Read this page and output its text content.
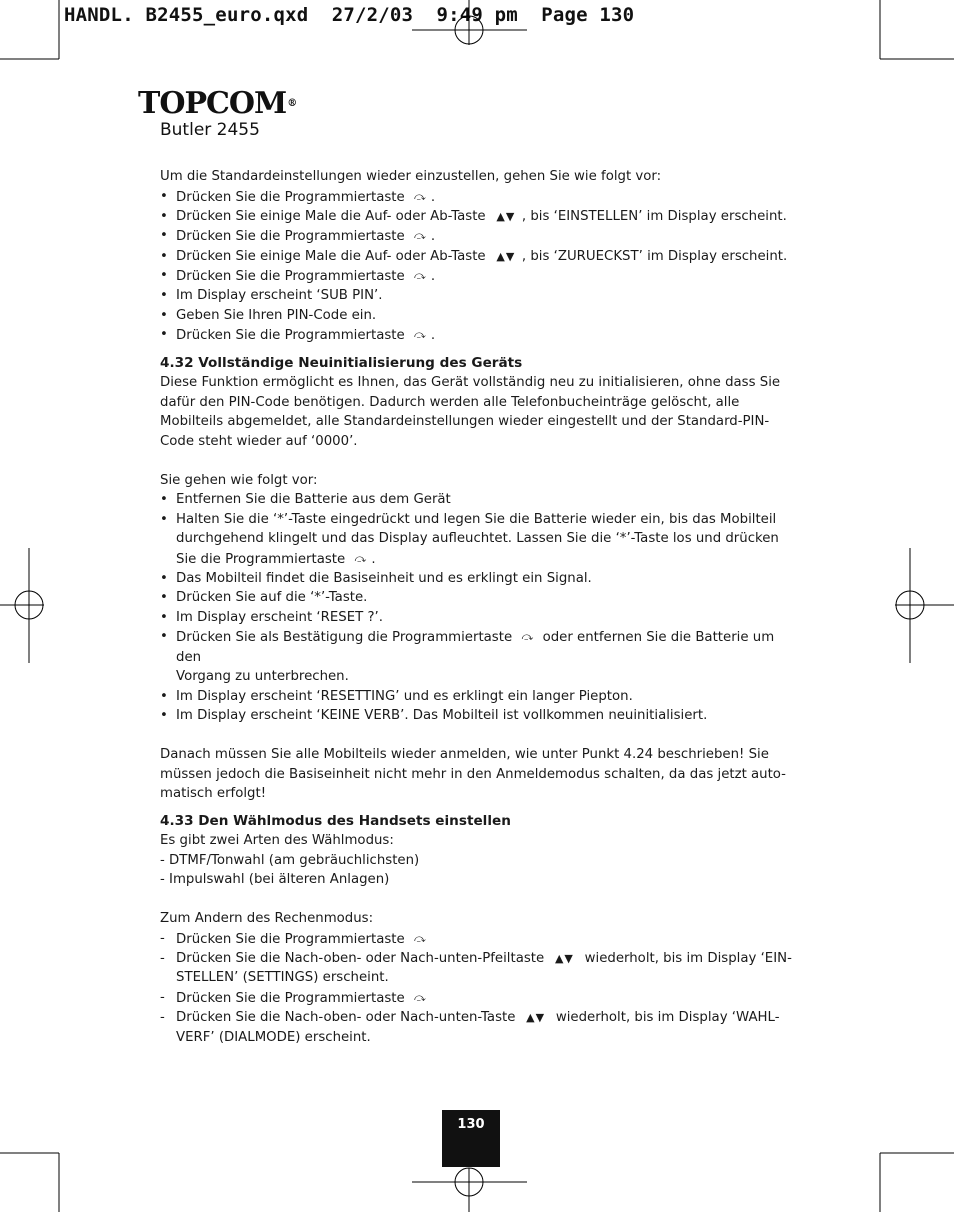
HANDL. B2455_euro.qxd  27/2/03  9:49 pm  Page 130
TOPCOM®
Butler 2455

Um die Standardeinstellungen wieder einzustellen, gehen Sie wie folgt vor:

• Drücken Sie die Programmiertaste ⤼ .
• Drücken Sie einige Male die Auf- oder Ab-Taste ▲▼ , bis ‘EINSTELLEN’ im Display erscheint.
• Drücken Sie die Programmiertaste ⤼ .
• Drücken Sie einige Male die Auf- oder Ab-Taste ▲▼ , bis ‘ZURUECKST’ im Display erscheint.
• Drücken Sie die Programmiertaste ⤼ .
• Im Display erscheint ‘SUB PIN’.
• Geben Sie Ihren PIN-Code ein.
• Drücken Sie die Programmiertaste ⤼ .
4.32 Vollständige Neuinitialisierung des Geräts
Diese Funktion ermöglicht es Ihnen, das Gerät vollständig neu zu initialisieren, ohne dass Sie
dafür den PIN-Code benötigen. Dadurch werden alle Telefonbucheinträge gelöscht, alle
Mobilteils abgemeldet, alle Standardeinstellungen wieder eingestellt und der Standard-PIN-
Code steht wieder auf ‘0000’.

Sie gehen wie folgt vor:

• Entfernen Sie die Batterie aus dem Gerät
• Halten Sie die ‘*’-Taste eingedrückt und legen Sie die Batterie wieder ein, bis das Mobilteil
durchgehend klingelt und das Display aufleuchtet. Lassen Sie die ‘*’-Taste los und drücken
Sie die Programmiertaste ⤼ .
• Das Mobilteil findet die Basiseinheit und es erklingt ein Signal.
• Drücken Sie auf die ‘*’-Taste.
• Im Display erscheint ‘RESET ?’.
• Drücken Sie als Bestätigung die Programmiertaste ⤼ oder entfernen Sie die Batterie um den
Vorgang zu unterbrechen.
• Im Display erscheint ‘RESETTING’ und es erklingt ein langer Piepton.
• Im Display erscheint ‘KEINE VERB’. Das Mobilteil ist vollkommen neuinitialisiert.
Danach müssen Sie alle Mobilteils wieder anmelden, wie unter Punkt 4.24 beschrieben! Sie
müssen jedoch die Basiseinheit nicht mehr in den Anmeldemodus schalten, da das jetzt auto-
matisch erfolgt!
4.33 Den Wählmodus des Handsets einstellen
Es gibt zwei Arten des Wählmodus:
- DTMF/Tonwahl (am gebräuchlichsten)
- Impulswahl (bei älteren Anlagen)

Zum Andern des Rechenmodus:

- Drücken Sie die Programmiertaste ⤼
- Drücken Sie die Nach-oben- oder Nach-unten-Pfeiltaste ▲▼ wiederholt, bis im Display ‘EIN-
STELLEN’ (SETTINGS) erscheint.
- Drücken Sie die Programmiertaste ⤼
- Drücken Sie die Nach-oben- oder Nach-unten-Taste ▲▼ wiederholt, bis im Display ‘WAHL-
VERF’ (DIALMODE) erscheint.
130
